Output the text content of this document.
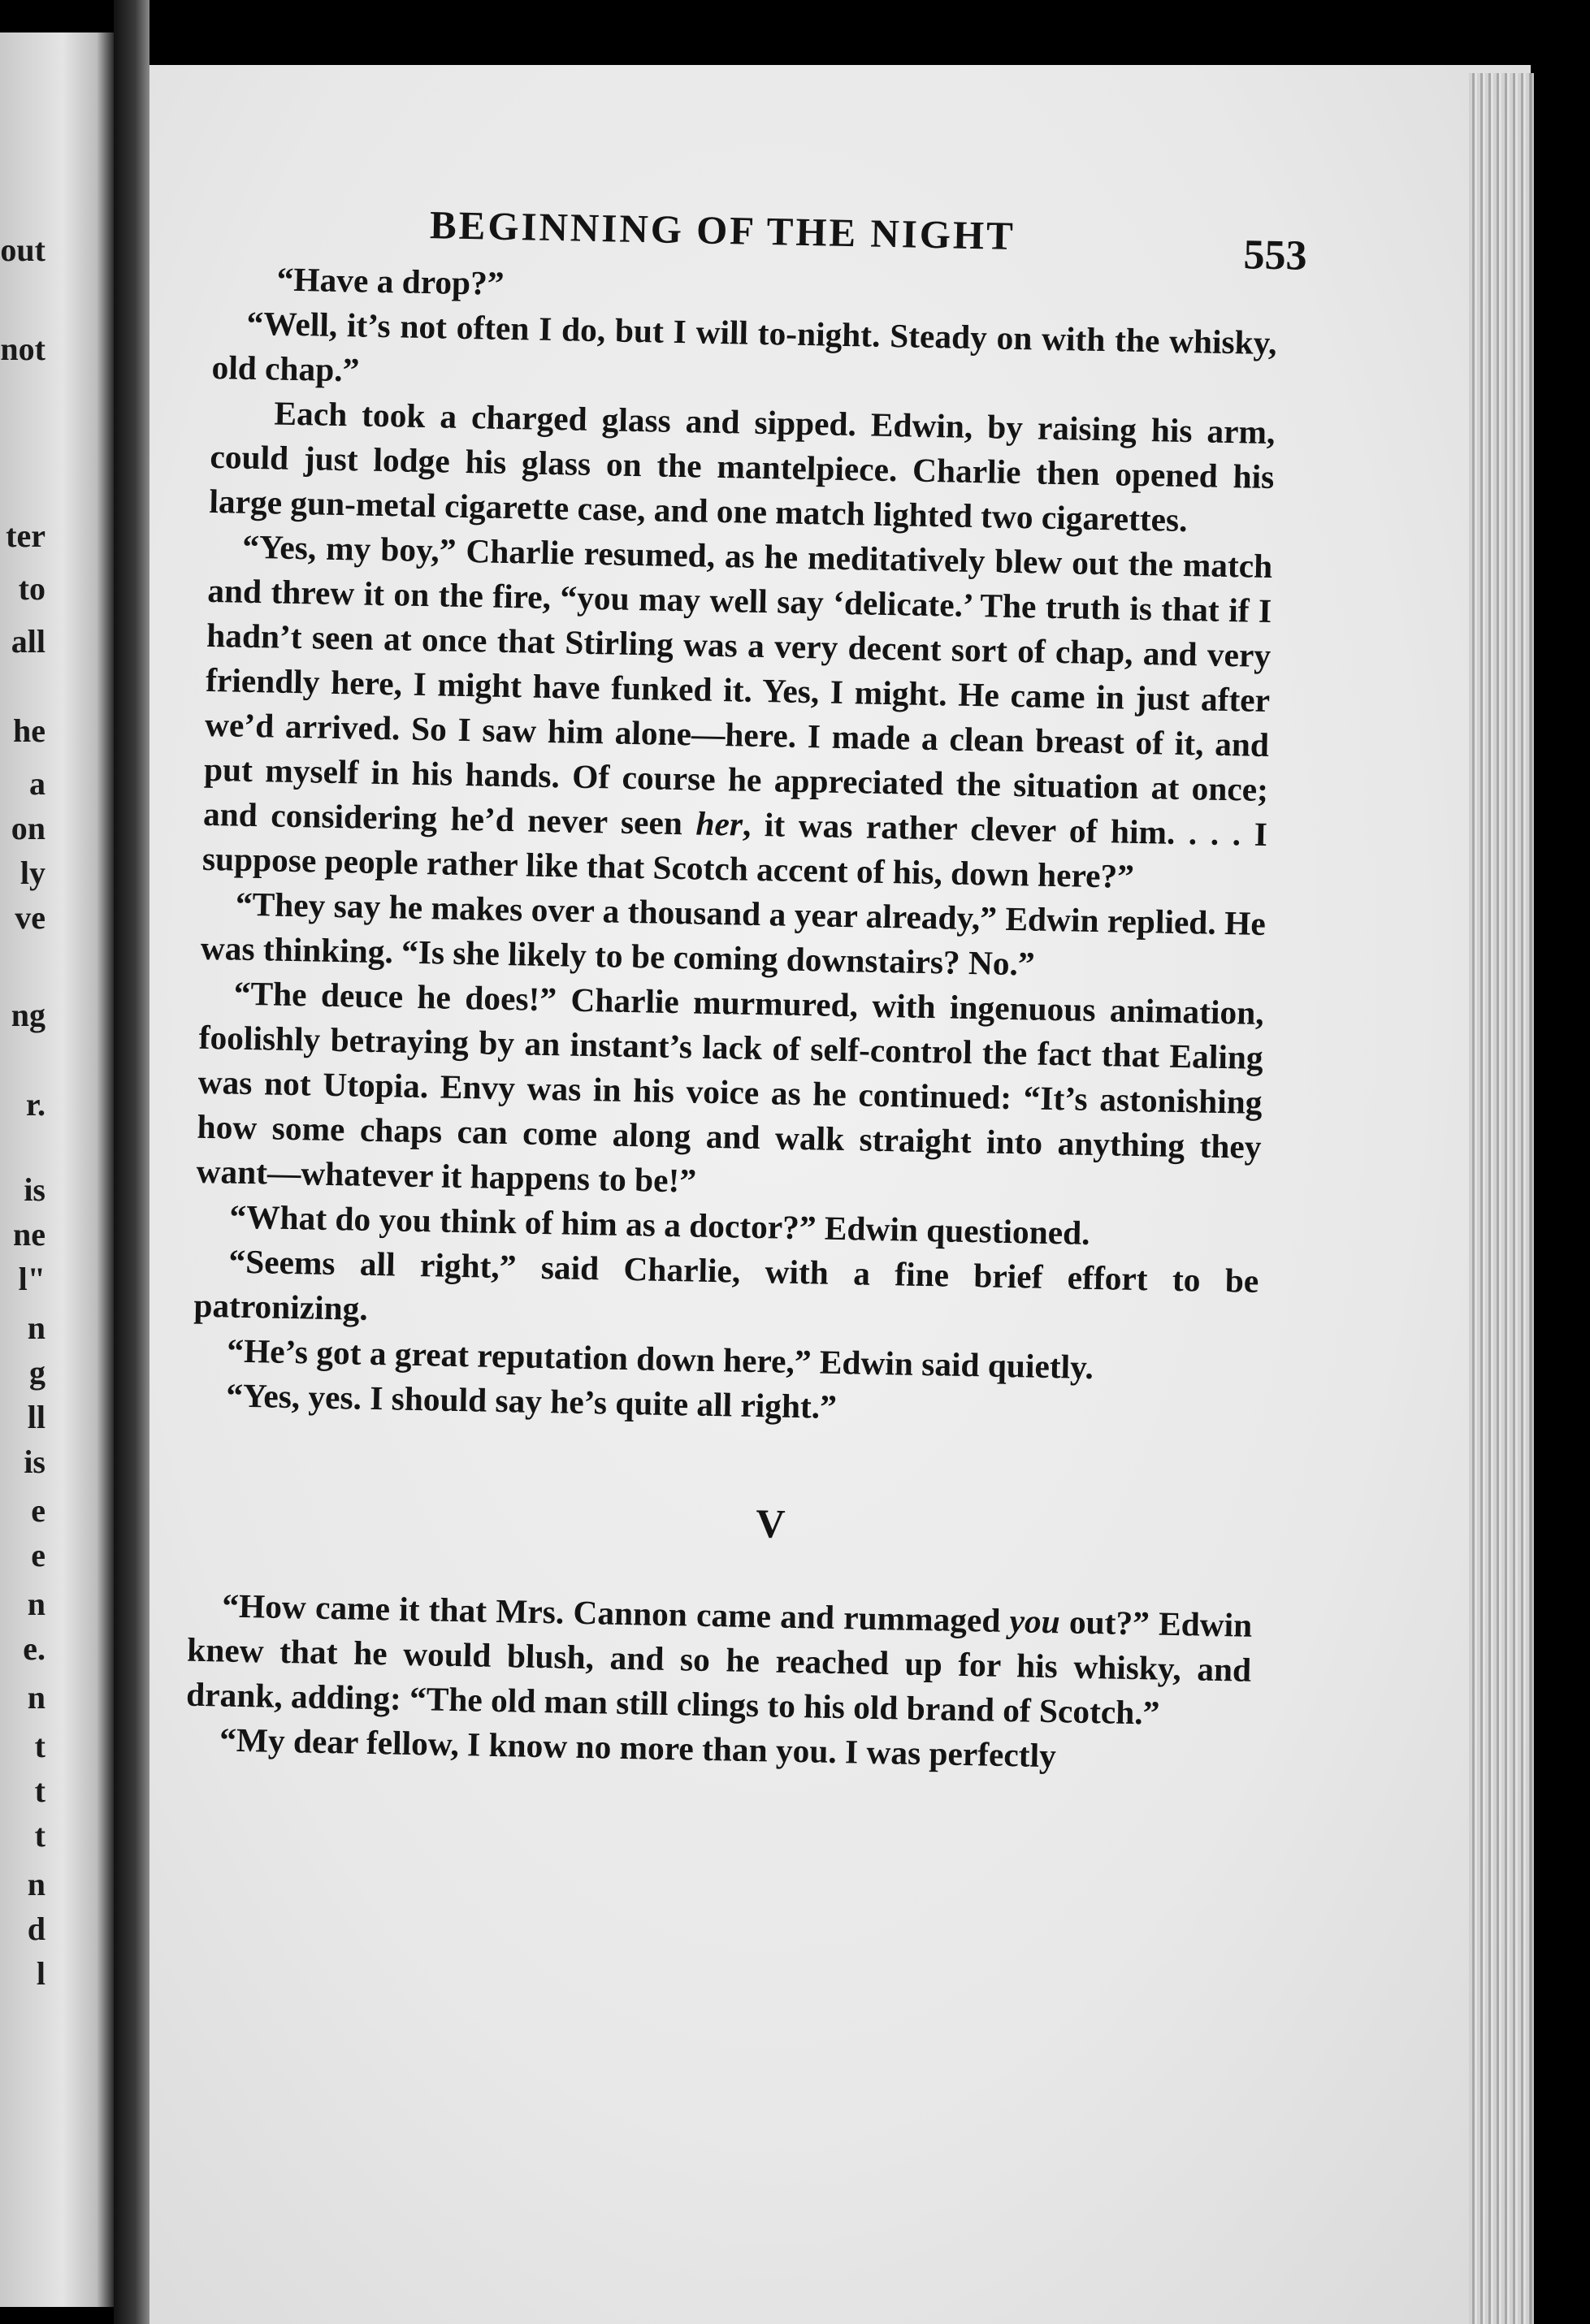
out
not
ter
to
all
he
a
on
ly
ve
ng
r.
is
ne
l"
n
g
ll
is
e
e
n
e.
n
t
t
t
n
d
l
BEGINNING OF THE NIGHT	553

“Have a drop?”

“Well, it’s not often I do, but I will to-night. Steady on with the whisky, old chap.”

Each took a charged glass and sipped. Edwin, by raising his arm, could just lodge his glass on the mantelpiece. Charlie then opened his large gun-metal cigarette case, and one match lighted two cigarettes.

“Yes, my boy,” Charlie resumed, as he meditatively blew out the match and threw it on the fire, “you may well say ‘delicate.’ The truth is that if I hadn’t seen at once that Stirling was a very decent sort of chap, and very friendly here, I might have funked it. Yes, I might. He came in just after we’d arrived. So I saw him alone—here. I made a clean breast of it, and put myself in his hands. Of course he appreciated the situation at once; and considering he’d never seen her, it was rather clever of him. . . . I suppose people rather like that Scotch accent of his, down here?”

“They say he makes over a thousand a year already,” Edwin replied. He was thinking. “Is she likely to be coming downstairs? No.”

“The deuce he does!” Charlie murmured, with ingenuous animation, foolishly betraying by an instant’s lack of self-control the fact that Ealing was not Utopia. Envy was in his voice as he continued: “It’s astonishing how some chaps can come along and walk straight into anything they want—whatever it happens to be!”

“What do you think of him as a doctor?” Edwin questioned.

“Seems all right,” said Charlie, with a fine brief effort to be patronizing.

“He’s got a great reputation down here,” Edwin said quietly.

“Yes, yes. I should say he’s quite all right.”

V

“How came it that Mrs. Cannon came and rummaged you out?” Edwin knew that he would blush, and so he reached up for his whisky, and drank, adding: “The old man still clings to his old brand of Scotch.”

“My dear fellow, I know no more than you. I was perfectly
